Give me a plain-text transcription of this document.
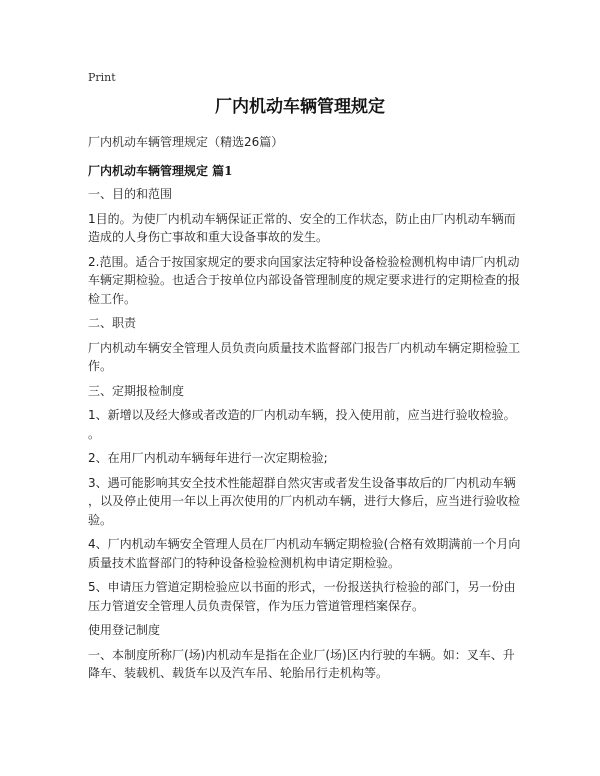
Print
厂内机动车辆管理规定
厂内机动车辆管理规定（精选26篇）
厂内机动车辆管理规定 篇1
一、目的和范围
1目的。为使厂内机动车辆保证正常的、安全的工作状态，防止由厂内机动车辆而
造成的人身伤亡事故和重大设备事故的发生。
2.范围。适合于按国家规定的要求向国家法定特种设备检验检测机构申请厂内机动
车辆定期检验。也适合于按单位内部设备管理制度的规定要求进行的定期检查的报
检工作。
二、职责
厂内机动车辆安全管理人员负责向质量技术监督部门报告厂内机动车辆定期检验工
作。
三、定期报检制度
1、新增以及经大修或者改造的厂内机动车辆，投入使用前，应当进行验收检验。
。
2、在用厂内机动车辆每年进行一次定期检验;
3、遇可能影响其安全技术性能超群自然灾害或者发生设备事故后的厂内机动车辆
，以及停止使用一年以上再次使用的厂内机动车辆，进行大修后，应当进行验收检
验。
4、厂内机动车辆安全管理人员在厂内机动车辆定期检验(合格有效期满前一个月向
质量技术监督部门的特种设备检验检测机构申请定期检验。
5、申请压力管道定期检验应以书面的形式，一份报送执行检验的部门，另一份由
压力管道安全管理人员负责保管，作为压力管道管理档案保存。
使用登记制度
一、本制度所称厂(场)内机动车是指在企业厂(场)区内行驶的车辆。如：叉车、升
降车、装载机、载货车以及汽车吊、轮胎吊行走机构等。
